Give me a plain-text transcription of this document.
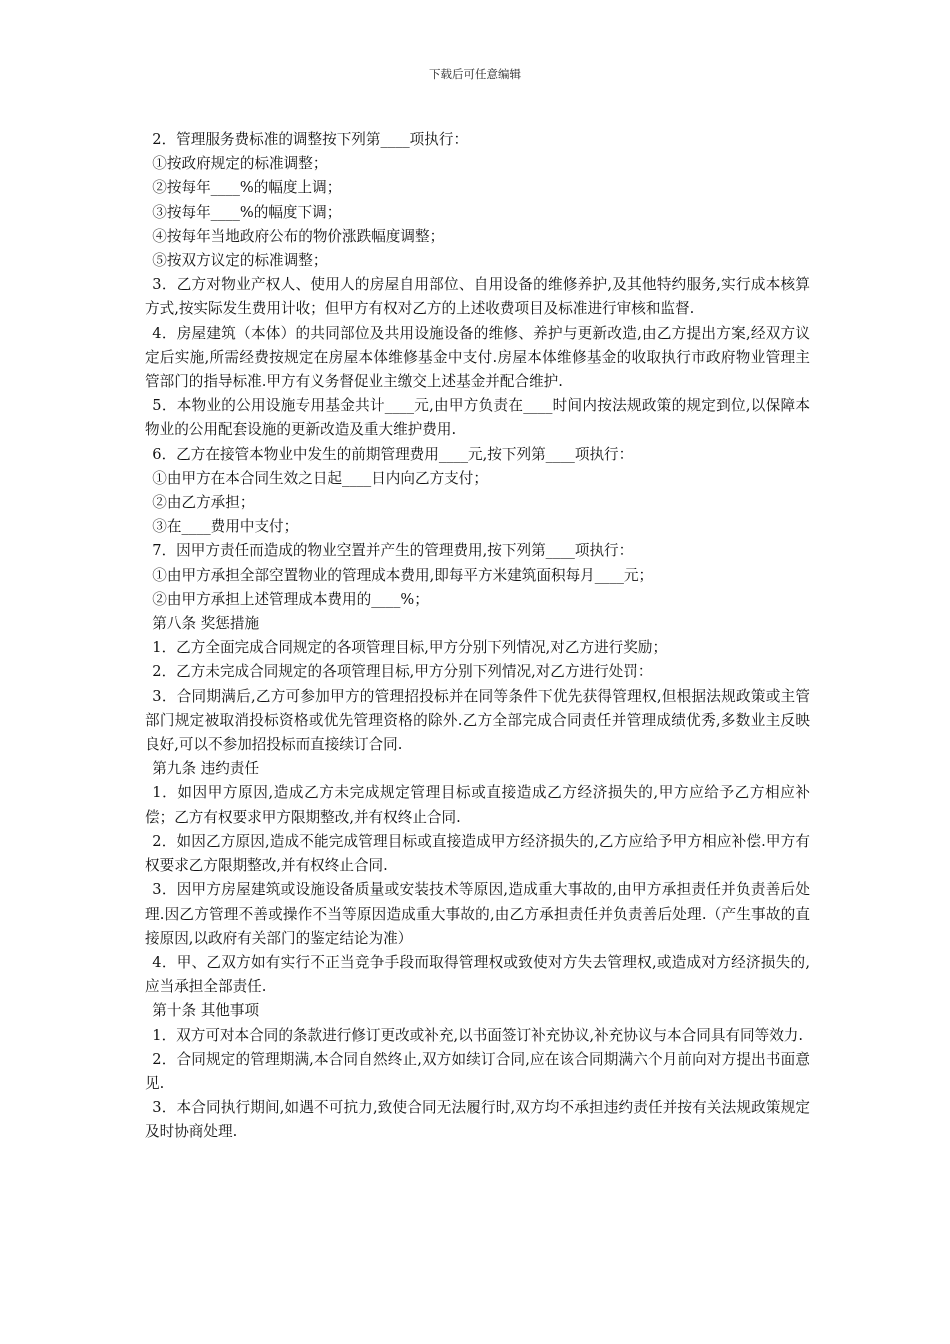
下载后可任意编辑

2．管理服务费标准的调整按下列第____项执行：

①按政府规定的标准调整；

②按每年____%的幅度上调；

③按每年____%的幅度下调；

④按每年当地政府公布的物价涨跌幅度调整；

⑤按双方议定的标准调整；

3．乙方对物业产权人、使用人的房屋自用部位、自用设备的维修养护,及其他特约服务,实行成本核算方式,按实际发生费用计收；但甲方有权对乙方的上述收费项目及标准进行审核和监督.

4．房屋建筑（本体）的共同部位及共用设施设备的维修、养护与更新改造,由乙方提出方案,经双方议定后实施,所需经费按规定在房屋本体维修基金中支付.房屋本体维修基金的收取执行市政府物业管理主管部门的指导标准.甲方有义务督促业主缴交上述基金并配合维护.

5．本物业的公用设施专用基金共计____元,由甲方负责在____时间内按法规政策的规定到位,以保障本物业的公用配套设施的更新改造及重大维护费用.

6．乙方在接管本物业中发生的前期管理费用____元,按下列第____项执行：

①由甲方在本合同生效之日起____日内向乙方支付；

②由乙方承担；

③在____费用中支付；

7．因甲方责任而造成的物业空置并产生的管理费用,按下列第____项执行：

①由甲方承担全部空置物业的管理成本费用,即每平方米建筑面积每月____元；

②由甲方承担上述管理成本费用的____%；

第八条 奖惩措施

1．乙方全面完成合同规定的各项管理目标,甲方分别下列情况,对乙方进行奖励；

2．乙方未完成合同规定的各项管理目标,甲方分别下列情况,对乙方进行处罚：

3．合同期满后,乙方可参加甲方的管理招投标并在同等条件下优先获得管理权,但根据法规政策或主管部门规定被取消投标资格或优先管理资格的除外.乙方全部完成合同责任并管理成绩优秀,多数业主反映良好,可以不参加招投标而直接续订合同.

第九条 违约责任

1．如因甲方原因,造成乙方未完成规定管理目标或直接造成乙方经济损失的,甲方应给予乙方相应补偿；乙方有权要求甲方限期整改,并有权终止合同.

2．如因乙方原因,造成不能完成管理目标或直接造成甲方经济损失的,乙方应给予甲方相应补偿.甲方有权要求乙方限期整改,并有权终止合同.

3．因甲方房屋建筑或设施设备质量或安装技术等原因,造成重大事故的,由甲方承担责任并负责善后处理.因乙方管理不善或操作不当等原因造成重大事故的,由乙方承担责任并负责善后处理.（产生事故的直接原因,以政府有关部门的鉴定结论为准）

4．甲、乙双方如有实行不正当竞争手段而取得管理权或致使对方失去管理权,或造成对方经济损失的,应当承担全部责任.

第十条 其他事项

1．双方可对本合同的条款进行修订更改或补充,以书面签订补充协议,补充协议与本合同具有同等效力.

2．合同规定的管理期满,本合同自然终止,双方如续订合同,应在该合同期满六个月前向对方提出书面意见.

3．本合同执行期间,如遇不可抗力,致使合同无法履行时,双方均不承担违约责任并按有关法规政策规定及时协商处理.
